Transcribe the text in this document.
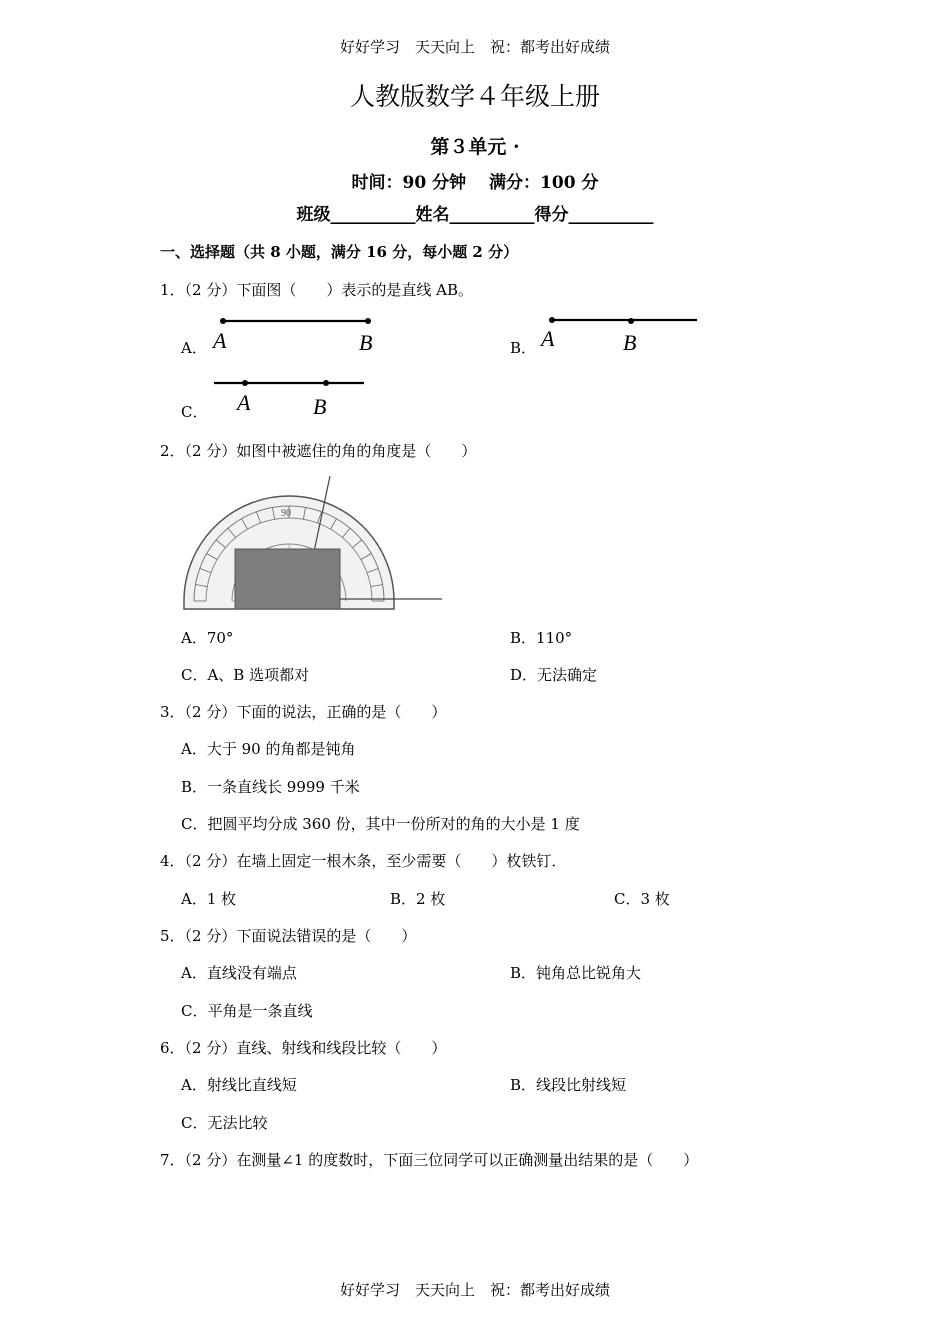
好好学习　天天向上　祝：都考出好成绩
好好学习　天天向上　祝：都考出好成绩
人教版数学４年级上册
第３单元 ·
时间：90 分钟　 满分：100 分
班级__________姓名__________得分__________
一、选择题（共 8 小题，满分 16 分，每小题 2 分）
1．（2 分）下面图（　　）表示的是直线 AB。
A．	B．
C．
A	B	A	B
A	B
2．（2 分）如图中被遮住的角的角度是（　　）
90
A．70°	B．110°
C．A、B 选项都对	D．无法确定
3．（2 分）下面的说法，正确的是（　　）
A．大于 90 的角都是钝角
B．一条直线长 9999 千米
C．把圆平均分成 360 份，其中一份所对的角的大小是 1 度
4．（2 分）在墙上固定一根木条，至少需要（　　）枚铁钉．
A．1 枚	B．2 枚	C．3 枚
5．（2 分）下面说法错误的是（　　）
A．直线没有端点	B．钝角总比锐角大
C．平角是一条直线
6．（2 分）直线、射线和线段比较（　　）
A．射线比直线短	B．线段比射线短
C．无法比较
7．（2 分）在测量∠1 的度数时，下面三位同学可以正确测量出结果的是（　　）
